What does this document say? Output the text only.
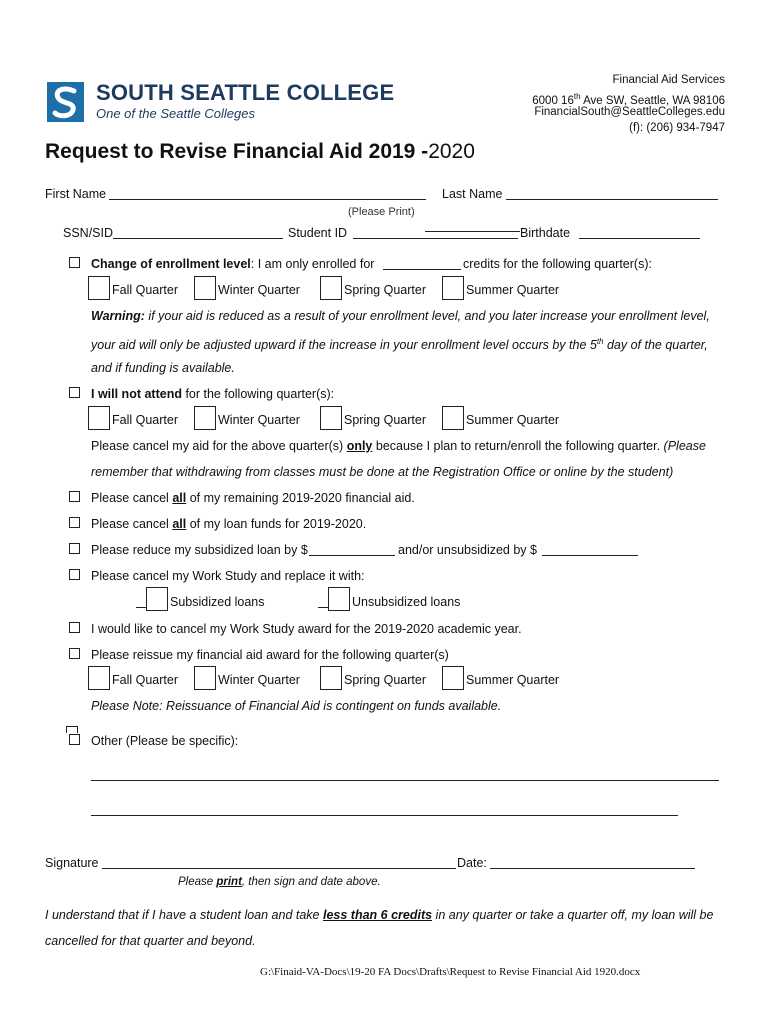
SOUTH SEATTLE COLLEGE
One of the Seattle Colleges
Financial Aid Services
6000 16th Ave SW, Seattle, WA 98106
FinancialSouth@SeattleColleges.edu
(f): (206) 934-7947
Request to Revise Financial Aid 2019 -2020
First Name	Last Name
(Please Print)
SSN/SID	Student ID	Birthdate
Change of enrollment level: I am only enrolled for	credits for the following quarter(s):
Fall Quarter	Winter Quarter	Spring Quarter	Summer Quarter
Warning: if your aid is reduced as a result of your enrollment level, and you later increase your enrollment level,
your aid will only be adjusted upward if the increase in your enrollment level occurs by the 5th day of the quarter,
and if funding is available.
I will not attend for the following quarter(s):
Fall Quarter	Winter Quarter	Spring Quarter	Summer Quarter
Please cancel my aid for the above quarter(s) only because I plan to return/enroll the following quarter. (Please
remember that withdrawing from classes must be done at the Registration Office or online by the student)
Please cancel all of my remaining 2019-2020 financial aid.
Please cancel all of my loan funds for 2019-2020.
Please reduce my subsidized loan by $	and/or unsubsidized by $
Please cancel my Work Study and replace it with:
Subsidized loans	Unsubsidized loans
I would like to cancel my Work Study award for the 2019-2020 academic year.
Please reissue my financial aid award for the following quarter(s)
Fall Quarter	Winter Quarter	Spring Quarter	Summer Quarter
Please Note: Reissuance of Financial Aid is contingent on funds available.
Other (Please be specific):
Signature	Date:
Please print, then sign and date above.
I understand that if I have a student loan and take less than 6 credits in any quarter or take a quarter off, my loan will be
cancelled for that quarter and beyond.
G:\Finaid-VA-Docs\19-20 FA Docs\Drafts\Request to Revise Financial Aid 1920.docx
